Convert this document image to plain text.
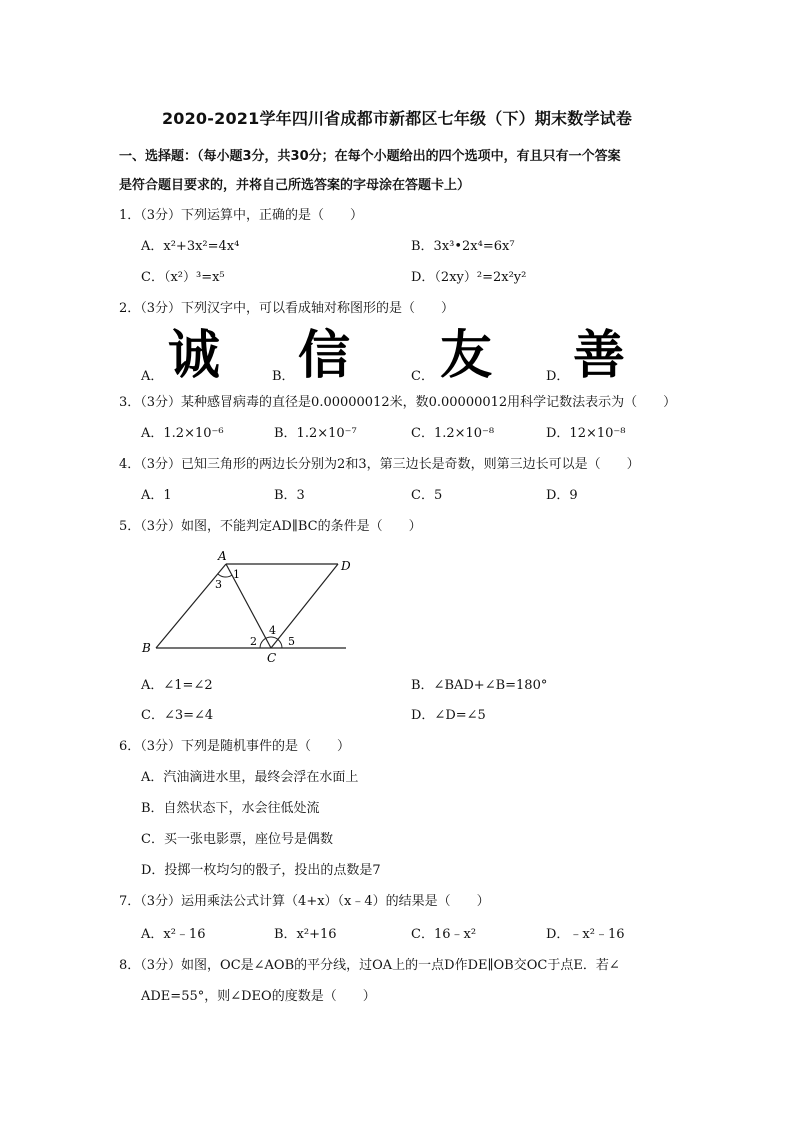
2020-2021学年四川省成都市新都区七年级（下）期末数学试卷
一、选择题：（每小题3分，共30分；在每个小题给出的四个选项中，有且只有一个答案
是符合题目要求的，并将自己所选答案的字母涂在答题卡上）
1．（3分）下列运算中，正确的是（　　）
A．x²+3x²=4x⁴	B．3x³•2x⁴=6x⁷
C．（x²）³=x⁵	D．（2xy）²=2x²y²
2．（3分）下列汉字中，可以看成轴对称图形的是（　　）
A． 诚	B． 信	C． 友	D． 善
3．（3分）某种感冒病毒的直径是0.00000012米，数0.00000012用科学记数法表示为（　　）
A．1.2×10⁻⁶	B．1.2×10⁻⁷	C．1.2×10⁻⁸	D．12×10⁻⁸
4．（3分）已知三角形的两边长分别为2和3，第三边长是奇数，则第三边长可以是（　　）
A．1	B．3	C．5	D．9
5．（3分）如图，不能判定AD∥BC的条件是（　　）
A
D
B
C
1
2
3
4
5
A．∠1=∠2	B．∠BAD+∠B=180°
C．∠3=∠4	D．∠D=∠5
6．（3分）下列是随机事件的是（　　）
A．汽油滴进水里，最终会浮在水面上
B．自然状态下，水会往低处流
C．买一张电影票，座位号是偶数
D．投掷一枚均匀的骰子，投出的点数是7
7．（3分）运用乘法公式计算（4+x）（x﹣4）的结果是（　　）
A．x²﹣16	B．x²+16	C．16﹣x²	D．﹣x²﹣16
8．（3分）如图，OC是∠AOB的平分线，过OA上的一点D作DE∥OB交OC于点E．若∠
ADE=55°，则∠DEO的度数是（　　）
